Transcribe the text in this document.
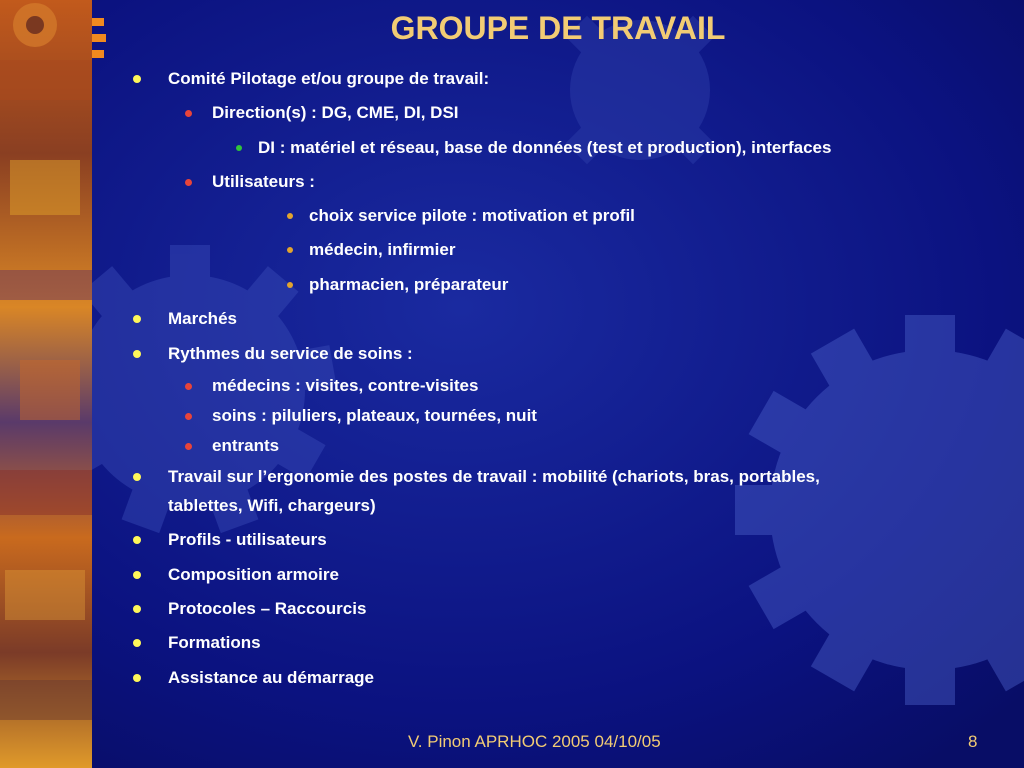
GROUPE DE TRAVAIL
Comité Pilotage et/ou groupe de travail:
Direction(s) : DG, CME, DI, DSI
DI : matériel et réseau, base de données (test et production), interfaces
Utilisateurs :
choix service pilote : motivation et profil
médecin, infirmier
pharmacien, préparateur
Marchés
Rythmes du service de soins :
médecins : visites, contre-visites
soins : piluliers, plateaux, tournées, nuit
entrants
Travail sur l’ergonomie des postes de travail : mobilité (chariots, bras, portables,
tablettes, Wifi, chargeurs)
Profils - utilisateurs
Composition armoire
Protocoles – Raccourcis
Formations
Assistance au démarrage
V. Pinon APRHOC 2005 04/10/05	8
